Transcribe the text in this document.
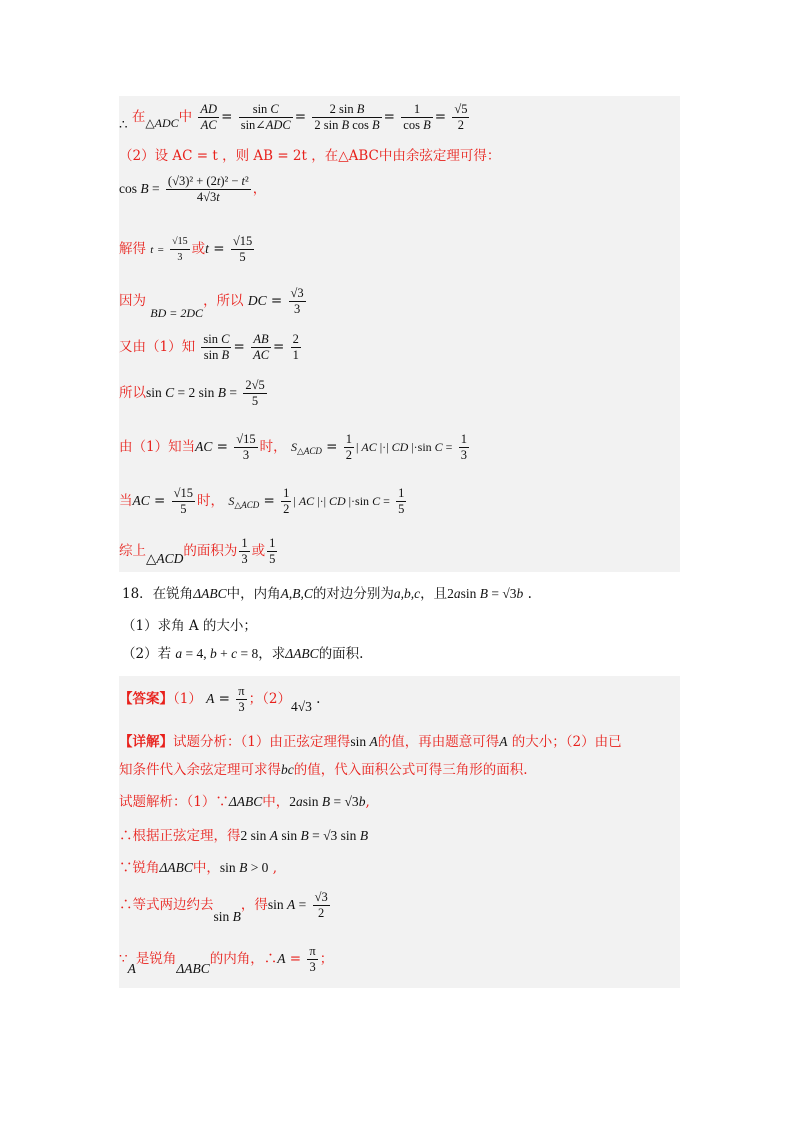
∴ 在△ADC中 $\frac{AD}{AC} = \frac{\text{sin C}}{\text{sin∠ADC}} = \frac{\text{2 sin B}}{\text{2 sin B cos B}} = \frac{1}{\text{cos B}} = \frac{√5}{2}$
（2）设 AC = t ，则 AB = 2t ，在△ABC中由余弦定理可得：
$\cos B = \frac{\text{(√3)² + (2t)² − t²}}{4√3t}$ ，
解得 $t = \frac{√15}{3}$ 或$t = \frac{√15}{5}$
因为 BD = 2DC，所以 DC = $\frac{√3}{3}$
又由（1）知 $\frac{\text{sin C}}{\text{sin B}} = \frac{AB}{AC} = \frac{2}{1}$
所以sin C = 2 $\sin B = \frac{2√5}{5}$
由（1）知当AC = $\frac{√15}{3}$ 时， $S_{\triangle ACD} = \frac{1}{2}$ | AC |·| CD |·sin $C = \frac{1}{3}$
当AC = $\frac{√15}{5}$ 时， $S_{\triangle ACD} = \frac{1}{2}$ | AC |·| CD |·sin $C = \frac{1}{5}$
综上△ACD的面积为 $\frac{1}{3}$ 或 $\frac{1}{5}$
18．在锐角ΔABC中，内角A,B,C的对边分别为a,b,c，且2asin B = √3b .
（1）求角 A 的大小；
（2）若 a = 4, b + c = 8，求ΔABC的面积.
【答案】（1） $A = \frac{\pi}{3}$ ；（2）4√3 .
【详解】试题分析：（1）由正弦定理得sin A的值，再由题意可得A 的大小；（2）由已
知条件代入余弦定理可求得bc的值，代入面积公式可得三角形的面积.
试题解析：（1）∵ΔABC中，2asin B = √3b,
∴根据正弦定理，得2 sin A sin B = √3 sin B
∵锐角ΔABC中，sin B > 0 ,
∴等式两边约去sin B，得$\sin A = \frac{√3}{2}$
∵A是锐角ΔABC的内角，∴A = $\frac{\pi}{3}$ ；
